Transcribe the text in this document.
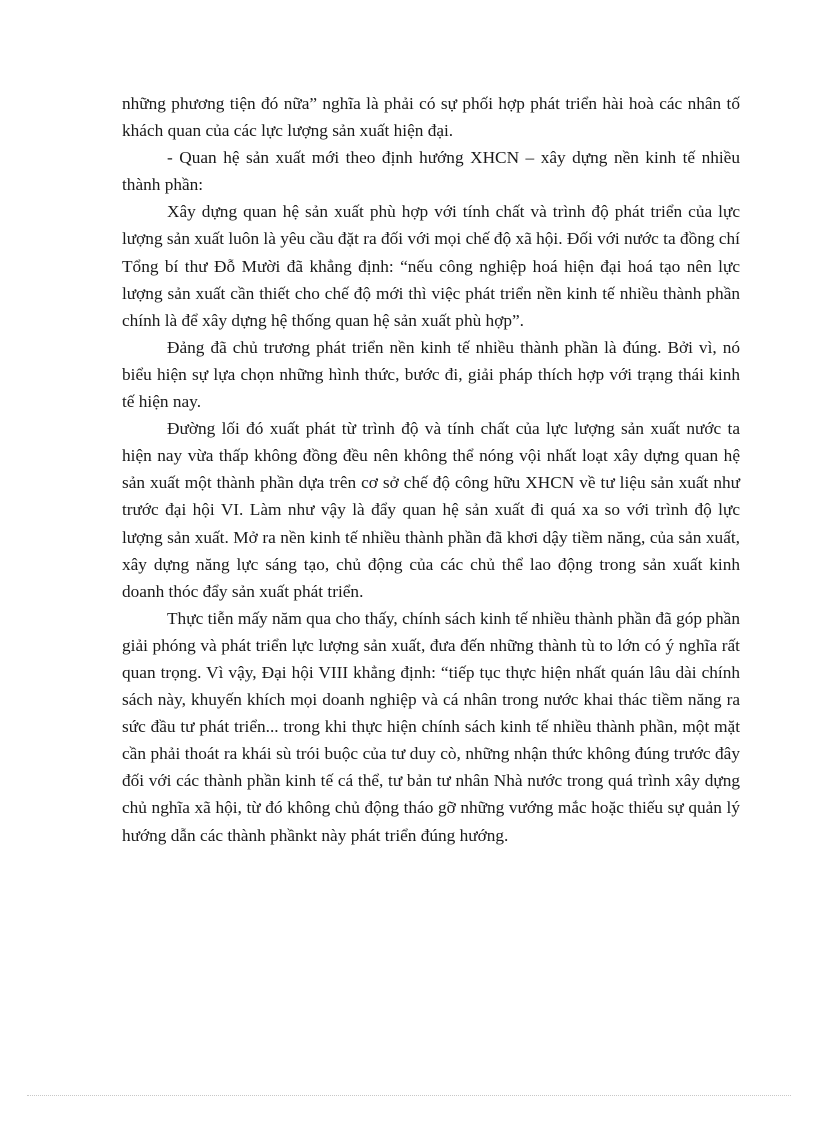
những phương tiện đó nữa” nghĩa là phải có sự phối hợp phát triển hài hoà các nhân tố khách quan của các lực lượng sản xuất hiện đại.

- Quan hệ sản xuất mới theo định hướng XHCN – xây dựng nền kinh tế nhiều thành phần:

Xây dựng quan hệ sản xuất phù hợp với tính chất và trình độ phát triển của lực lượng sản xuất luôn là yêu cầu đặt ra đối với mọi chế độ xã hội. Đối với nước ta đồng chí Tổng bí thư Đỗ Mười đã khẳng định: “nếu công nghiệp hoá hiện đại hoá tạo nên lực lượng sản xuất cần thiết cho chế độ mới thì việc phát triển nền kinh tế nhiều thành phần chính là để xây dựng hệ thống quan hệ sản xuất phù hợp”.

Đảng đã chủ trương phát triển nền kinh tế nhiều thành phần là đúng. Bởi vì, nó biểu hiện sự lựa chọn những hình thức, bước đi, giải pháp thích hợp với trạng thái kinh tế hiện nay.

Đường lối đó xuất phát từ trình độ và tính chất của lực lượng sản xuất nước ta hiện nay vừa thấp không đồng đều nên không thể nóng vội nhất loạt xây dựng quan hệ sản xuất một thành phần dựa trên cơ sở chế độ công hữu XHCN về tư liệu sản xuất như trước đại hội VI. Làm như vậy là đẩy quan hệ sản xuất đi quá xa so với trình độ lực lượng sản xuất. Mở ra nền kinh tế nhiều thành phần đã khơi dậy tiềm năng, của sản xuất, xây dựng năng lực sáng tạo, chủ động của các chủ thể lao động trong sản xuất kinh doanh thóc đẩy sản xuất phát triển.

Thực tiễn mấy năm qua cho thấy, chính sách kinh tế nhiều thành phần đã góp phần giải phóng và phát triển lực lượng sản xuất, đưa đến những thành tù to lớn có ý nghĩa rất quan trọng. Vì vậy, Đại hội VIII khẳng định: “tiếp tục thực hiện nhất quán lâu dài chính sách này, khuyến khích mọi doanh nghiệp và cá nhân trong nước khai thác tiềm năng ra sức đầu tư phát triển... trong khi thực hiện chính sách kinh tế nhiều thành phần, một mặt cần phải thoát ra khái sù trói buộc của tư duy cò, những nhận thức không đúng trước đây đối với các thành phần kinh tế cá thể, tư bản tư nhân Nhà nước trong quá trình xây dựng chủ nghĩa xã hội, từ đó không chủ động tháo gỡ những vướng mắc hoặc thiếu sự quản lý hướng dẫn các thành phầnkt này phát triển đúng hướng.
